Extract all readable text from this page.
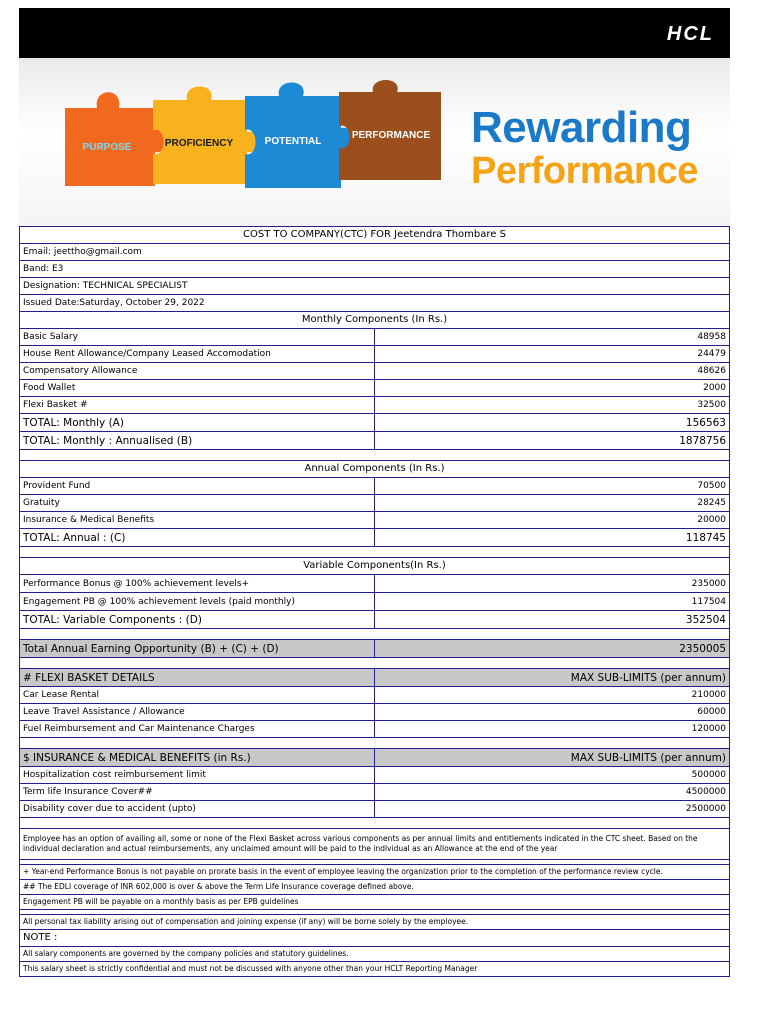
HCL
PURPOSE	PROFICIENCY	POTENTIAL
PERFORMANCE Rewarding
Performance
COST TO COMPANY(CTC) FOR Jeetendra Thombare S	
Email: jeettho@gmail.com	
Band: E3	
Designation: TECHNICAL SPECIALIST	
Issued Date:Saturday, October 29, 2022	
Monthly Components (In Rs.)	
Basic Salary	48958
House Rent Allowance/Company Leased Accomodation	24479
Compensatory Allowance	48626
Food Wallet	2000
Flexi Basket #	32500
TOTAL: Monthly (A)	156563
TOTAL: Monthly : Annualised (B)	1878756

Annual Components (In Rs.)	
Provident Fund	70500
Gratuity	28245
Insurance & Medical Benefits	20000
TOTAL: Annual : (C)	118745

Variable Components(In Rs.)	
Performance Bonus @ 100% achievement levels+	235000
Engagement PB @ 100% achievement levels (paid monthly)	117504
TOTAL: Variable Components : (D)	352504

Total Annual Earning Opportunity (B) + (C) + (D)	2350005

# FLEXI BASKET DETAILS	MAX SUB-LIMITS (per annum)
Car Lease Rental	210000
Leave Travel Assistance / Allowance	60000
Fuel Reimbursement and Car Maintenance Charges	120000

$ INSURANCE & MEDICAL BENEFITS (in Rs.)	MAX SUB-LIMITS (per annum)
Hospitalization cost reimbursement limit	500000
Term life Insurance Cover##	4500000
Disability cover due to accident (upto)	2500000

Employee has an option of availing all, some or none of the Flexi Basket across various components as per annual limits and entitlements indicated in the CTC sheet. Based on the individual declaration and actual reimbursements, any unclaimed amount will be paid to the individual as an Allowance at the end of the year	

+ Year-end Performance Bonus is not payable on prorate basis in the event of employee leaving the organization prior to the completion of the performance review cycle.	
## The EDLI coverage of INR 602,000 is over & above the Term Life Insurance coverage defined above.	
Engagement PB will be payable on a monthly basis as per EPB guidelines	

All personal tax liability arising out of compensation and joining expense (if any) will be borne solely by the employee.	
NOTE :	
All salary components are governed by the company policies and statutory guidelines.	
This salary sheet is strictly confidential and must not be discussed with anyone other than your HCLT Reporting Manager	
